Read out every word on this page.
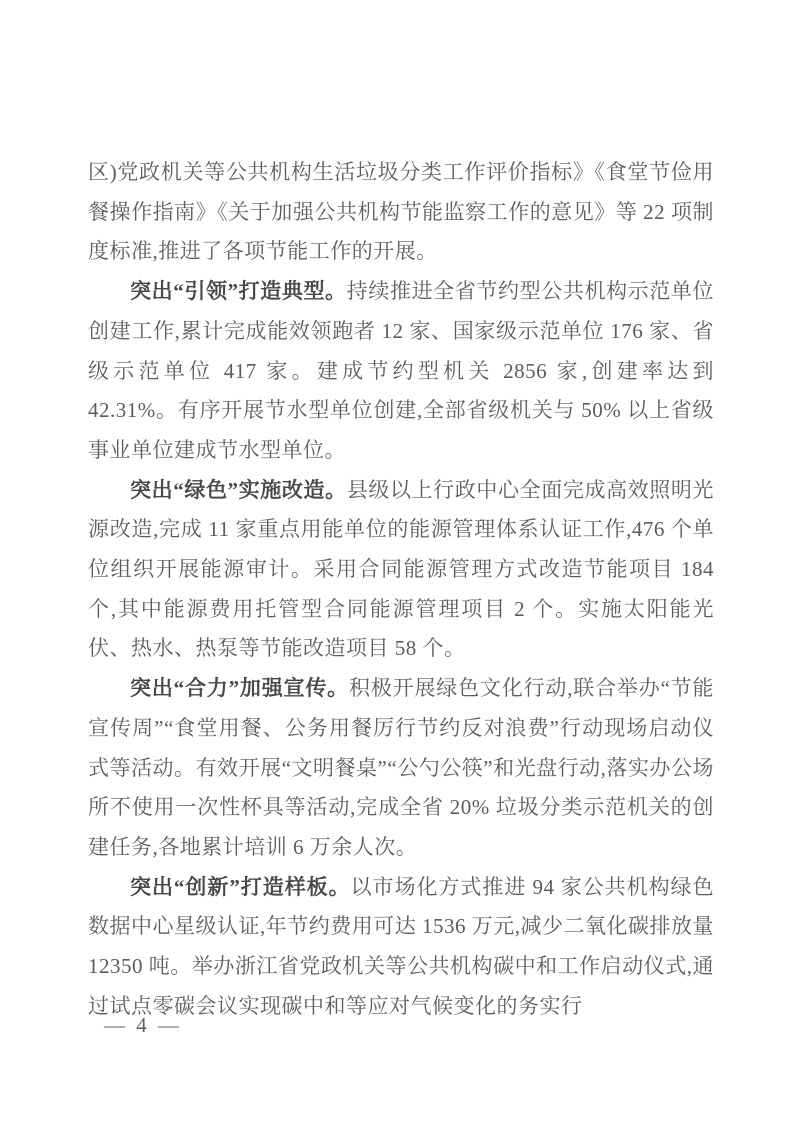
区)党政机关等公共机构生活垃圾分类工作评价指标》《食堂节俭用餐操作指南》《关于加强公共机构节能监察工作的意见》等 22 项制度标准,推进了各项节能工作的开展。

突出“引领”打造典型。持续推进全省节约型公共机构示范单位创建工作,累计完成能效领跑者 12 家、国家级示范单位 176 家、省级示范单位 417 家。建成节约型机关 2856 家,创建率达到 42.31%。有序开展节水型单位创建,全部省级机关与 50% 以上省级事业单位建成节水型单位。

突出“绿色”实施改造。县级以上行政中心全面完成高效照明光源改造,完成 11 家重点用能单位的能源管理体系认证工作,476 个单位组织开展能源审计。采用合同能源管理方式改造节能项目 184 个,其中能源费用托管型合同能源管理项目 2 个。实施太阳能光伏、热水、热泵等节能改造项目 58 个。

突出“合力”加强宣传。积极开展绿色文化行动,联合举办“节能宣传周”“食堂用餐、公务用餐厉行节约反对浪费”行动现场启动仪式等活动。有效开展“文明餐桌”“公勺公筷”和光盘行动,落实办公场所不使用一次性杯具等活动,完成全省 20% 垃圾分类示范机关的创建任务,各地累计培训 6 万余人次。

突出“创新”打造样板。以市场化方式推进 94 家公共机构绿色数据中心星级认证,年节约费用可达 1536 万元,减少二氧化碳排放量 12350 吨。举办浙江省党政机关等公共机构碳中和工作启动仪式,通过试点零碳会议实现碳中和等应对气候变化的务实行

— 4 —
